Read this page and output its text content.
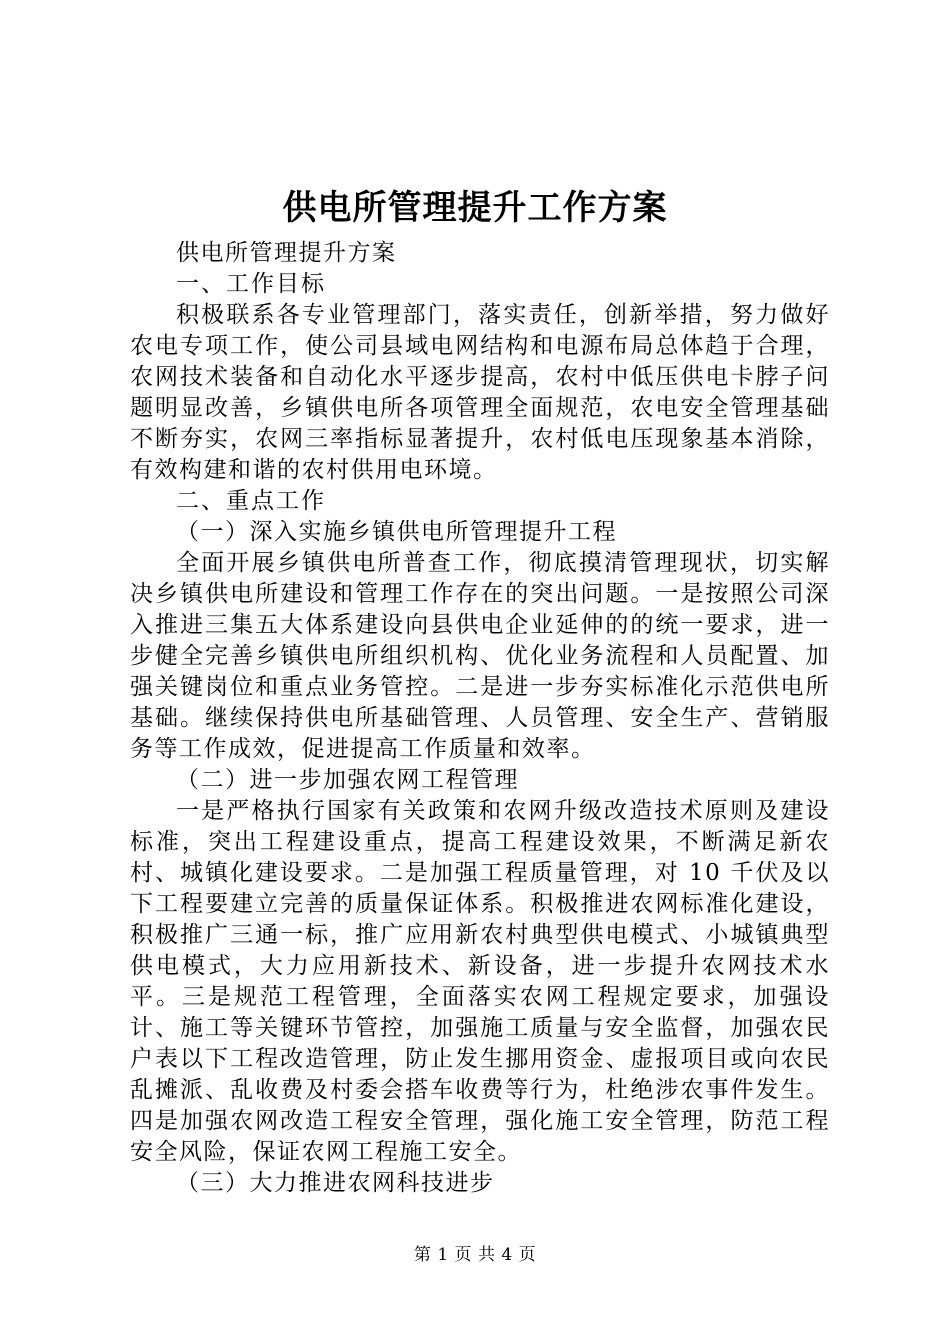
供电所管理提升工作方案

供电所管理提升方案

一、工作目标

积极联系各专业管理部门，落实责任，创新举措，努力做好农电专项工作，使公司县域电网结构和电源布局总体趋于合理，农网技术装备和自动化水平逐步提高，农村中低压供电卡脖子问题明显改善，乡镇供电所各项管理全面规范，农电安全管理基础不断夯实，农网三率指标显著提升，农村低电压现象基本消除，有效构建和谐的农村供用电环境。

二、重点工作

（一）深入实施乡镇供电所管理提升工程

全面开展乡镇供电所普查工作，彻底摸清管理现状，切实解决乡镇供电所建设和管理工作存在的突出问题。一是按照公司深入推进三集五大体系建设向县供电企业延伸的的统一要求，进一步健全完善乡镇供电所组织机构、优化业务流程和人员配置、加强关键岗位和重点业务管控。二是进一步夯实标准化示范供电所基础。继续保持供电所基础管理、人员管理、安全生产、营销服务等工作成效，促进提高工作质量和效率。

（二）进一步加强农网工程管理

一是严格执行国家有关政策和农网升级改造技术原则及建设标准，突出工程建设重点，提高工程建设效果，不断满足新农村、城镇化建设要求。二是加强工程质量管理，对 10 千伏及以下工程要建立完善的质量保证体系。积极推进农网标准化建设，积极推广三通一标，推广应用新农村典型供电模式、小城镇典型供电模式，大力应用新技术、新设备，进一步提升农网技术水平。三是规范工程管理，全面落实农网工程规定要求，加强设计、施工等关键环节管控，加强施工质量与安全监督，加强农民户表以下工程改造管理，防止发生挪用资金、虚报项目或向农民乱摊派、乱收费及村委会搭车收费等行为，杜绝涉农事件发生。四是加强农网改造工程安全管理，强化施工安全管理，防范工程安全风险，保证农网工程施工安全。

（三）大力推进农网科技进步

第 1 页 共 4 页
